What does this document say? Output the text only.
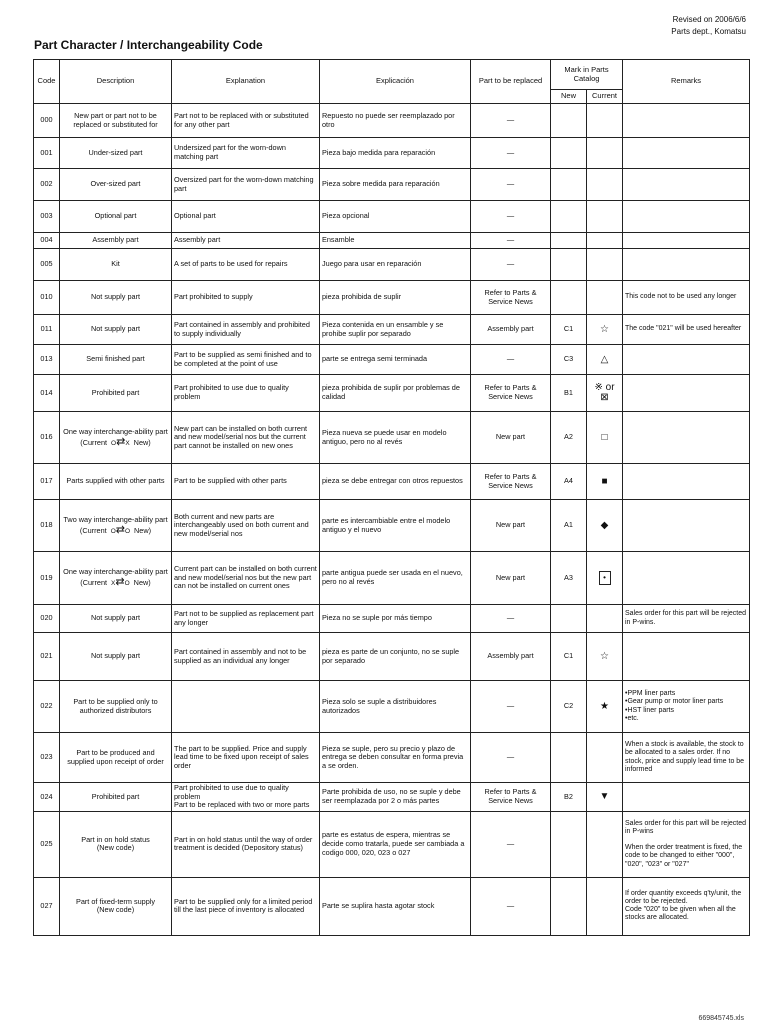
Revised on 2006/6/6
Parts dept., Komatsu
Part Character / Interchangeability Code
Code	Description	Explanation	Explicación	Part to be replaced	Mark in Parts Catalog		Remarks
					New	Current	
000	New part or part not to be replaced or substituted for	Part not to be replaced with or substituted for any other part	Repuesto no puede ser reemplazado por otro	—			
001	Under-sized part	Undersized part for the worn-down matching part	Pieza bajo medida para reparación	—			
002	Over-sized part	Oversized part for the worn-down matching part	Pieza sobre medida para reparación	—			
003	Optional part	Optional part	Pieza opcional	—			
004	Assembly part	Assembly part	Ensamble	—			
005	Kit	A set of parts to be used for repairs	Juego para usar en reparación	—			
010	Not supply part	Part prohibited to supply	pieza prohibida de suplir	Refer to Parts & Service News			This code not to be used any longer
011	Not supply part	Part contained in assembly and prohibited to supply individually	Pieza contenida en un ensamble y se prohibe suplir por separado	Assembly part	C1	☆	The code "021" will be used hereafter
013	Semi finished part	Part to be supplied as semi finished and to be completed at the point of use	parte se entrega semi terminada	—	C3	△	
014	Prohibited part	Part prohibited to use due to quality problem	pieza prohibida de suplir por problemas de calidad	Refer to Parts & Service News	B1	※ or ⊠	
016	One way interchange-ability part
(Current O⇄X New)	New part can be installed on both current and new model/serial nos but the current part cannot be installed on new ones	Pieza nueva se puede usar en modelo antiguo, pero no al revés	New part	A2	□	
017	Parts supplied with other parts	Part to be supplied with other parts	pieza se debe entregar con otros repuestos	Refer to Parts & Service News	A4	■	
018	Two way interchange-ability part
(Current O⇄O New)	Both current and new parts are interchangeably used on both current and new model/serial nos	parte es intercambiable entre el modelo antiguo y el nuevo	New part	A1	◆	
019	One way interchange-ability part
(Current X⇄O New)	Current part can be installed on both current and new model/serial nos but the new part can not be installed on current ones	parte antigua puede ser usada en el nuevo, pero no al revés	New part	A3	•	
020	Not supply part	Part not to be supplied as replacement part any longer	Pieza no se suple por más tiempo	—			Sales order for this part will be rejected in P-wins.
021	Not supply part	Part contained in assembly and not to be supplied as an individual any longer	pieza es parte de un conjunto, no se suple por separado	Assembly part	C1	☆	
022	Part to be supplied only to authorized distributors		Pieza solo se suple a distribuidores autorizados	—	C2	★	•PPM liner parts
•Gear pump or motor liner parts
•HST liner parts
•etc.
023	Part to be produced and supplied upon receipt of order	The part to be supplied. Price and supply lead time to be fixed upon receipt of sales order	Pieza se suple, pero su precio y plazo de entrega se deben consultar en forma previa a se orden.	—			When a stock is available, the stock to be allocated to a sales order. If no stock, price and supply lead time to be informed
024	Prohibited part	Part prohibited to use due to quality problem
Part to be replaced with two or more parts	Parte prohibida de uso, no se suple y debe ser reemplazada por 2 o más partes	Refer to Parts & Service News	B2	▼	
025	Part in on hold status
(New code)	Part in on hold status until the way of order treatment is decided (Depository status)	parte es estatus de espera, mientras se decide como tratarla, puede ser cambiada a codigo 000, 020, 023 o 027	—			Sales order for this part will be rejected in P-wins

When the order treatment is fixed, the code to be changed to either "000", "020", "023" or "027"
027	Part of fixed-term supply
(New code)	Part to be supplied only for a limited period till the last piece of inventory is allocated	Parte se suplira hasta agotar stock	—			If order quantity exceeds q'ty/unit, the order to be rejected.
Code "020" to be given when all the stocks are allocated.
669845745.xls
